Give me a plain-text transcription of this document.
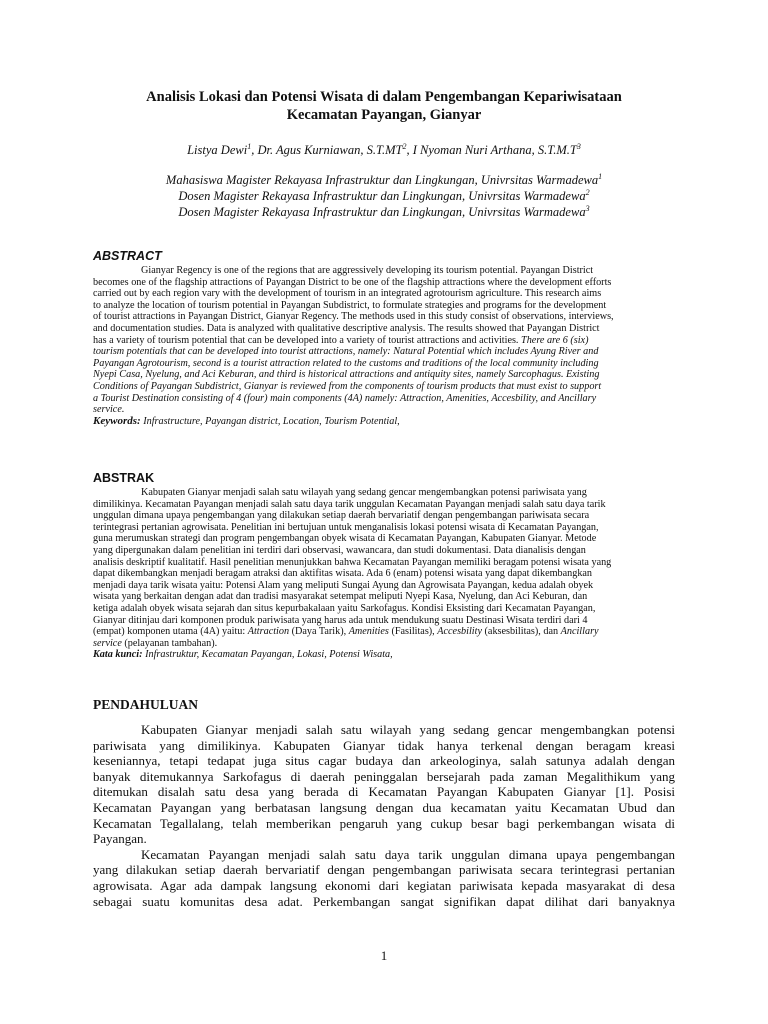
Analisis Lokasi dan Potensi Wisata di dalam Pengembangan Kepariwisataan
Kecamatan Payangan, Gianyar
Listya Dewi$^1$, Dr. Agus Kurniawan, $S.T.MT^2$, I Nyoman Nuri Arthana, $S.T.M.T^3$
Mahasiswa Magister Rekayasa Infrastruktur dan Lingkungan, Univrsitas Warmadewa$^1$
Dosen Magister Rekayasa Infrastruktur dan Lingkungan, Univrsitas Warmadewa$^2$
Dosen Magister Rekayasa Infrastruktur dan Lingkungan, Univrsitas Warmadewa$^3$
ABSTRACT
Gianyar Regency is one of the regions that are aggressively developing its tourism potential. Payangan District
becomes one of the flagship attractions of Payangan District to be one of the flagship attractions where the development efforts
carried out by each region vary with the development of tourism in an integrated agrotourism agriculture. This research aims
to analyze the location of tourism potential in Payangan Subdistrict, to formulate strategies and programs for the development
of tourist attractions in Payangan District, Gianyar Regency. The methods used in this study consist of observations, interviews,
and documentation studies. Data is analyzed with qualitative descriptive analysis. The results showed that Payangan District
has a variety of tourism potential that can be developed into a variety of tourist attractions and activities. There are 6 (six)
tourism potentials that can be developed into tourist attractions, namely: Natural Potential which includes Ayung River and
Payangan Agrotourism, second is a tourist attraction related to the customs and traditions of the local community including
Nyepi Casa, Nyelung, and Aci Keburan, and third is historical attractions and antiquity sites, namely Sarcophagus. Existing
Conditions of Payangan Subdistrict, Gianyar is reviewed from the components of tourism products that must exist to support
a Tourist Destination consisting of 4 (four) main components (4A) namely: Attraction, Amenities, Accesbility, and Ancillary
service.
Keywords: Infrastructure, Payangan district, Location, Tourism Potential,
ABSTRAK
Kabupaten Gianyar menjadi salah satu wilayah yang sedang gencar mengembangkan potensi pariwisata yang
dimilikinya. Kecamatan Payangan menjadi salah satu daya tarik unggulan Kecamatan Payangan menjadi salah satu daya tarik
unggulan dimana upaya pengembangan yang dilakukan setiap daerah bervariatif dengan pengembangan pariwisata secara
terintegrasi pertanian agrowisata. Penelitian ini bertujuan untuk menganalisis lokasi potensi wisata di Kecamatan Payangan,
guna merumuskan strategi dan program pengembangan obyek wisata di Kecamatan Payangan, Kabupaten Gianyar. Metode
yang dipergunakan dalam penelitian ini terdiri dari observasi, wawancara, dan studi dokumentasi. Data dianalisis dengan
analisis deskriptif kualitatif. Hasil penelitian menunjukkan bahwa Kecamatan Payangan memiliki beragam potensi wisata yang
dapat dikembangkan menjadi beragam atraksi dan aktifitas wisata. Ada 6 (enam) potensi wisata yang dapat dikembangkan
menjadi daya tarik wisata yaitu: Potensi Alam yang meliputi Sungai Ayung dan Agrowisata Payangan, kedua adalah obyek
wisata yang berkaitan dengan adat dan tradisi masyarakat setempat meliputi Nyepi Kasa, Nyelung, dan Aci Keburan, dan
ketiga adalah obyek wisata sejarah dan situs kepurbakalaan yaitu Sarkofagus. Kondisi Eksisting dari Kecamatan Payangan,
Gianyar ditinjau dari komponen produk pariwisata yang harus ada untuk mendukung suatu Destinasi Wisata terdiri dari 4
(empat) komponen utama (4A) yaitu: Attraction (Daya Tarik), Amenities (Fasilitas), Accesbility (aksesbilitas), dan Ancillary
service (pelayanan tambahan).
Kata kunci: Infrastruktur, Kecamatan Payangan, Lokasi, Potensi Wisata,
PENDAHULUAN
Kabupaten Gianyar menjadi salah satu wilayah yang sedang gencar mengembangkan potensi
pariwisata yang dimilikinya. Kabupaten Gianyar tidak hanya terkenal dengan beragam kreasi
keseniannya, tetapi tedapat juga situs cagar budaya dan arkeologinya, salah satunya adalah dengan
banyak ditemukannya Sarkofagus di daerah peninggalan bersejarah pada zaman Megalithikum yang
ditemukan disalah satu desa yang berada di Kecamatan Payangan Kabupaten Gianyar [1]. Posisi
Kecamatan Payangan yang berbatasan langsung dengan dua kecamatan yaitu Kecamatan Ubud dan
Kecamatan Tegallalang, telah memberikan pengaruh yang cukup besar bagi perkembangan wisata di
Payangan.
Kecamatan Payangan menjadi salah satu daya tarik unggulan dimana upaya pengembangan
yang dilakukan setiap daerah bervariatif dengan pengembangan pariwisata secara terintegrasi pertanian
agrowisata. Agar ada dampak langsung ekonomi dari kegiatan pariwisata kepada masyarakat di desa
sebagai suatu komunitas desa adat. Perkembangan sangat signifikan dapat dilihat dari banyaknya
1
